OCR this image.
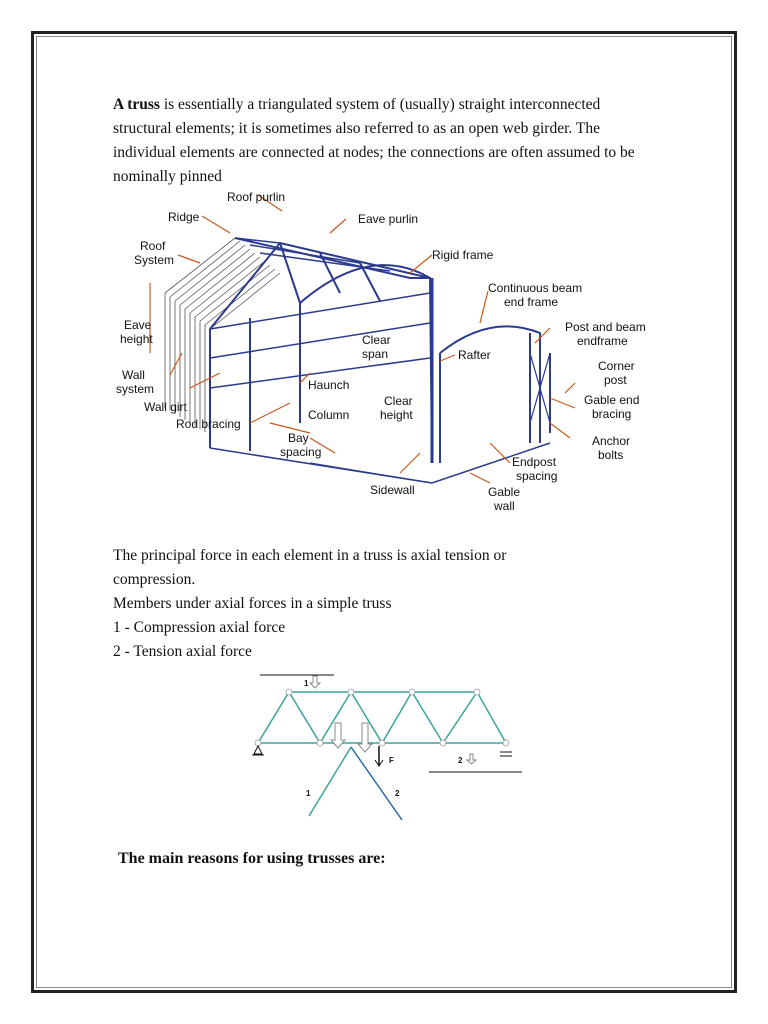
A truss is essentially a triangulated system of (usually) straight interconnected structural elements; it is sometimes also referred to as an open web girder. The individual elements are connected at nodes; the connections are often assumed to be nominally pinned

Roof purlin
Ridge	Eave purlin
Roof
System	Rigid frame
Continuous beam
end frame
Eave
height
Post and beam
endframe
Clear
span	Rafter
Corner
post
Wall
system	Haunch
Wall girt	Gable end
bracing
Clear
height
Column
Rod bracing
Anchor
bolts
Bay
spacing
Endpost
spacing
Sidewall	Gable
wall

The principal force in each element in a truss is axial tension or
compression.
Members under axial forces in a simple truss
1 - Compression axial force
2 - Tension axial force

1
2
F
1	2

The main reasons for using trusses are:
